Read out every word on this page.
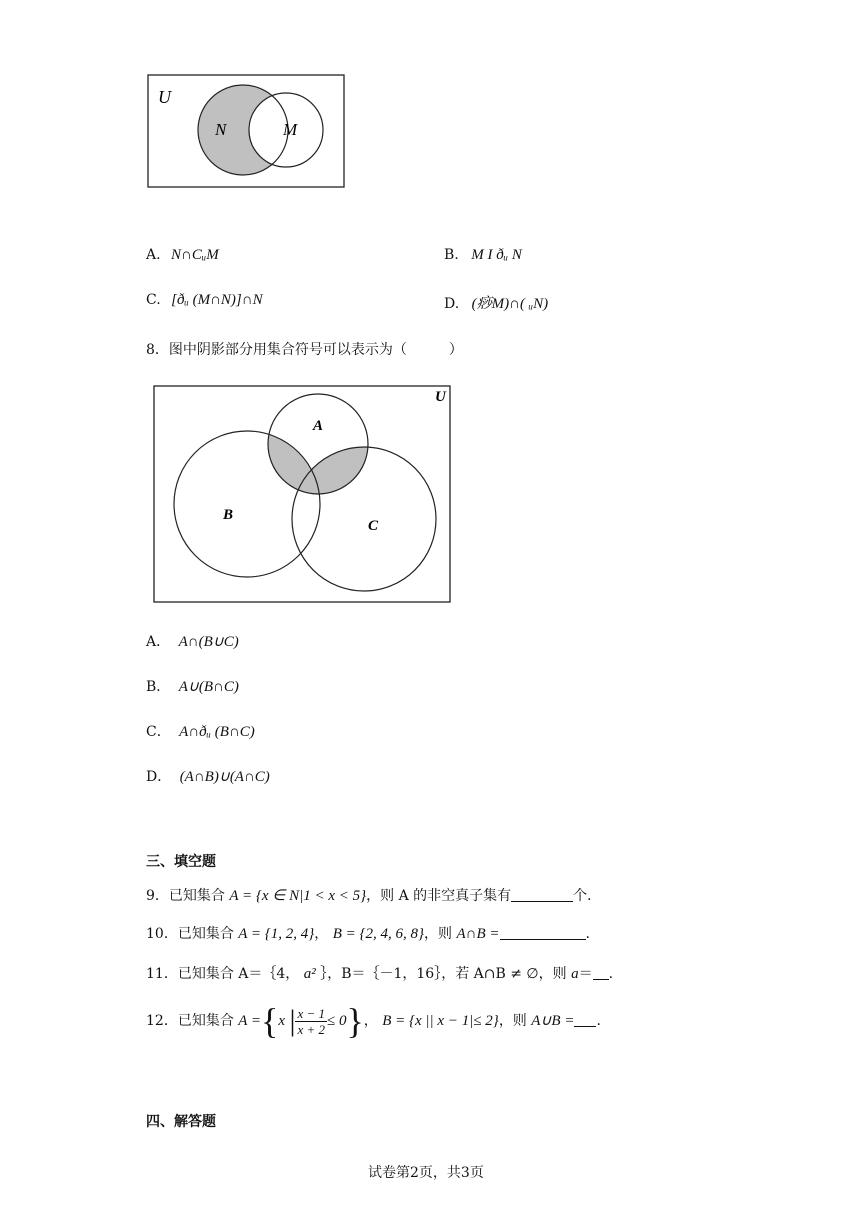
U
N	M
A. N∩CᵤM	B. M I ðᵤ N
C. [ðᵤ (M∩N)]∩N	D. (痧M)∩( ᵤN)
8．图中阴影部分用集合符号可以表示为（　　　）
U
A
B
C
A． A∩(B∪C)
B． A∪(B∩C)
C． A∩ðᵤ (B∩C)
D． (A∩B)∪(A∩C)
三、填空题
9．已知集合 A = {x ∈ N|1 < x < 5}，则 A 的非空真子集有	个．
10．已知集合 A = {1, 2, 4}， B = {2, 4, 6, 8}，则 A∩B =	.
11．已知集合 A＝｛4， a² ｝，B＝｛－1，16｝，若 A∩B ≠ ∅，则 a＝ .
12．已知集合 A ={x | $\frac{x - 1}{x + 2} \le 0$}， B = {x || x − 1|≤ 2}，则 A∪B = .
四、解答题
试卷第2页，共3页
